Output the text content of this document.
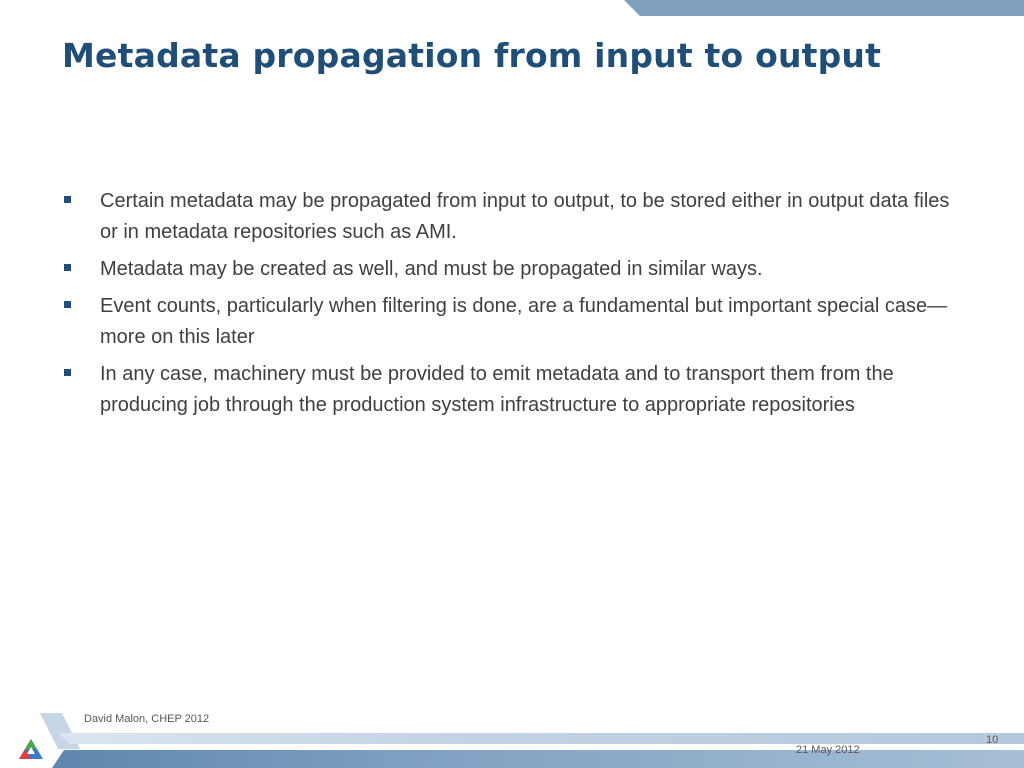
Metadata propagation from input to output
Certain metadata may be propagated from input to output, to be stored either in output data files or in metadata repositories such as AMI.
Metadata may be created as well, and must be propagated in similar ways.
Event counts, particularly when filtering is done, are a fundamental but important special case—more on this later
In any case, machinery must be provided to emit metadata and to transport them from the producing job through the production system infrastructure to appropriate repositories
David Malon, CHEP 2012
21 May 2012
10
